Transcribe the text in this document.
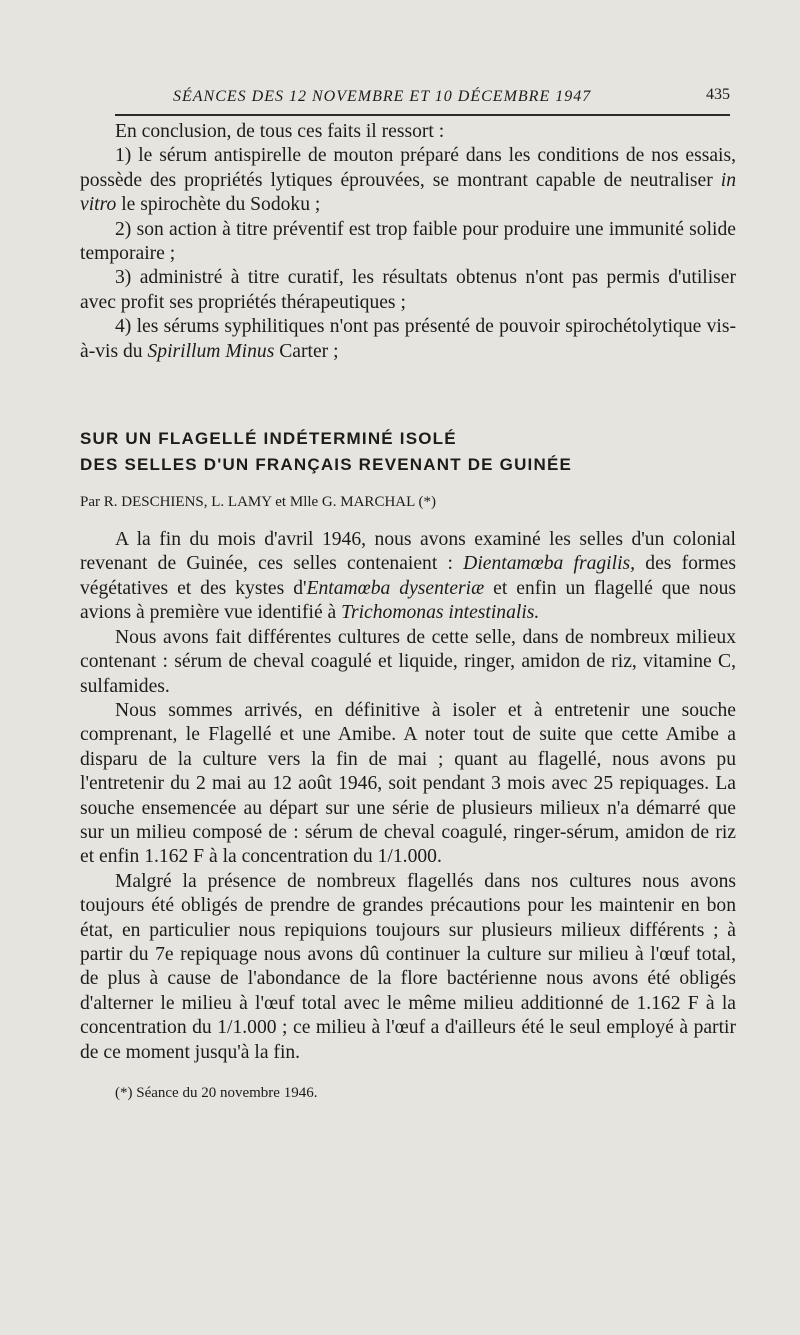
SÉANCES DES 12 NOVEMBRE ET 10 DÉCEMBRE 1947	435

En conclusion, de tous ces faits il ressort :

1) le sérum antispirelle de mouton préparé dans les conditions de nos essais, possède des propriétés lytiques éprouvées, se montrant capable de neutraliser in vitro le spirochète du Sodoku ;

2) son action à titre préventif est trop faible pour produire une immunité solide temporaire ;

3) administré à titre curatif, les résultats obtenus n'ont pas permis d'utiliser avec profit ses propriétés thérapeutiques ;

4) les sérums syphilitiques n'ont pas présenté de pouvoir spirochétolytique vis-à-vis du Spirillum Minus Carter ;

SUR UN FLAGELLÉ INDÉTERMINÉ ISOLÉ

DES SELLES D'UN FRANÇAIS REVENANT DE GUINÉE

Par R. DESCHIENS, L. LAMY et Mlle G. MARCHAL (*)

A la fin du mois d'avril 1946, nous avons examiné les selles d'un colonial revenant de Guinée, ces selles contenaient : Dientamœba fragilis, des formes végétatives et des kystes d'Entamœba dysenteriæ et enfin un flagellé que nous avions à première vue identifié à Trichomonas intestinalis.

Nous avons fait différentes cultures de cette selle, dans de nombreux milieux contenant : sérum de cheval coagulé et liquide, ringer, amidon de riz, vitamine C, sulfamides.

Nous sommes arrivés, en définitive à isoler et à entretenir une souche comprenant, le Flagellé et une Amibe. A noter tout de suite que cette Amibe a disparu de la culture vers la fin de mai ; quant au flagellé, nous avons pu l'entretenir du 2 mai au 12 août 1946, soit pendant 3 mois avec 25 repiquages. La souche ensemencée au départ sur une série de plusieurs milieux n'a démarré que sur un milieu composé de : sérum de cheval coagulé, ringer-sérum, amidon de riz et enfin 1.162 F à la concentration du 1/1.000.

Malgré la présence de nombreux flagellés dans nos cultures nous avons toujours été obligés de prendre de grandes précautions pour les maintenir en bon état, en particulier nous repiquions toujours sur plusieurs milieux différents ; à partir du 7e repiquage nous avons dû continuer la culture sur milieu à l'œuf total, de plus à cause de l'abondance de la flore bactérienne nous avons été obligés d'alterner le milieu à l'œuf total avec le même milieu additionné de 1.162 F à la concentration du 1/1.000 ; ce milieu à l'œuf a d'ailleurs été le seul employé à partir de ce moment jusqu'à la fin.

(*) Séance du 20 novembre 1946.
